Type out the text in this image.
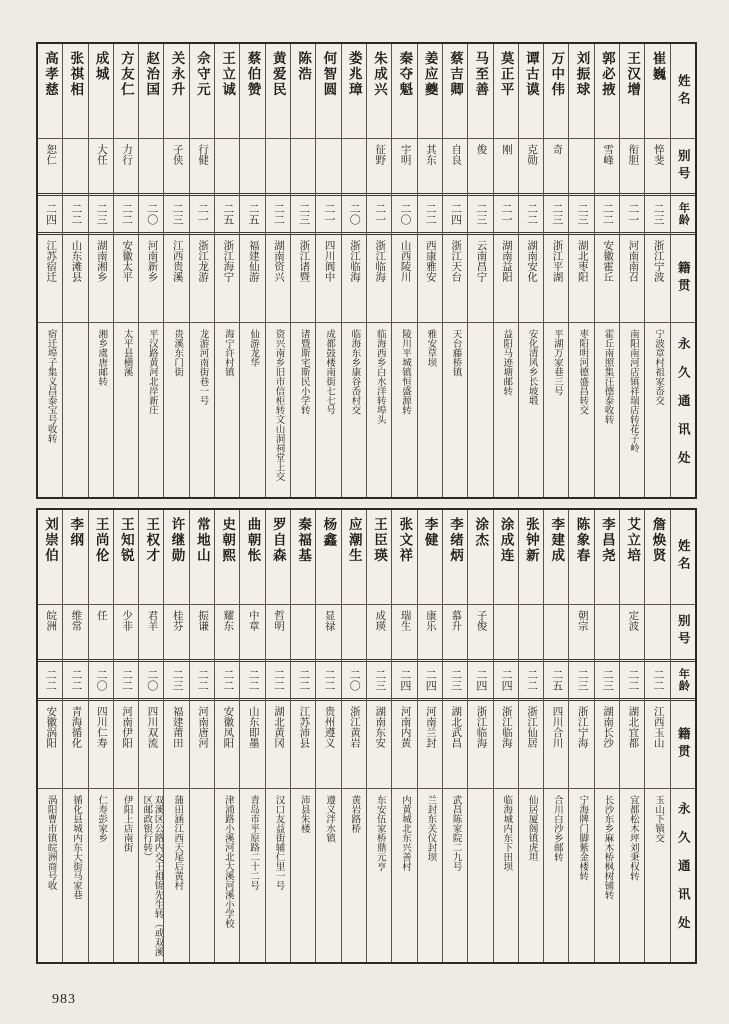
姓名
别号
年龄
籍贯
永久通讯处
崔巍
悴斐
二三
浙江宁波
宁波章村祖家岙交
王汉增
衔胆
二一
河南南召
南阳南河店镇祥瑞店转花子岭
郭必掖
雪峰
二二
安徽霍丘
霍丘南照集汪德泰收转
刘振球
二三
湖北枣阳
枣阳明河德盛昌转交
万中伟
奇
二三
浙江平湖
平湖万家巷三号
谭古谟
克勋
二二
湖南安化
安化清风乡长坡塅
莫正平
刚
二一
湖南益阳
益阳马迹塘邮转
马至善
俊
二三
云南昌宁
蔡吉卿
自良
二四
浙江天台
天台藤桥镇
姜应夔
其东
二二
西康雅安
雅安草坝
秦夺魁
宇明
二〇
山西陵川
陵川平城镇恒盛源转
朱成兴
征野
二一
浙江临海
临海西乡白水洋转埠头
娄兆璋
二〇
浙江临海
临海东乡康谷岙村交
何智圆
二一
四川阆中
成都鼓楼南街七七号
陈浩
二三
浙江诸暨
诸暨斯宅斯民小学转
黄爱民
二二
湖南资兴
资兴南乡旧市信柜转文山洞祠堂上交
蔡伯赞
二五
福建仙游
仙游龙华
王立诚
二五
浙江海宁
海宁许村镇
佘守元
行健
二一
浙江龙游
龙游河南街巷一号
关永升
子侠
二三
江西贵溪
贵溪东门街
赵治国
二〇
河南新乡
平汉路黄河北岸新庄
方友仁
力行
二二
安徽太平
太平县横溪
成城
大任
二三
湖南湘乡
湘乡虞唐邮转
张祺相
二二
山东滩县
高孝慈
恕仁
二四
江苏宿迁
宿迁埠子集义昌泰宝号收转
姓名
别号
年龄
籍贯
永久通讯处
詹焕贤
二二
江西玉山
玉山下镇交
艾立培
定波
二二
湖北宜都
宜都松木坪刘秉权转
李昌尧
二三
湖南长沙
长沙东乡麻木桥枫树铺转
陈象春
朝宗
二三
浙江宁海
宁海牌门脚紫金楼转
李建成
二五
四川合川
合川白沙乡邮转
张钟新
二二
浙江仙居
仙居厦阁镇虎坦
涂成连
二四
浙江临海
临海城内东下田坝
涂杰
子俊
二四
浙江临海
李绪炳
慕升
二三
湖北武昌
武昌陈家院二九号
李健
康乐
二四
河南兰封
兰封东关仪封坝
张文祥
瑞生
二四
河南内黄
内黄城北东兴善村
王臣瑛
成瑛
二三
湖南东安
东安伍家桥鼎元亨
应潮生
二〇
浙江黄岩
黄岩路桥
杨鑫
显禄
二二
贵州遵义
遵义泮水镇
秦福基
二二
江苏沛县
沛县朱楼
罗自森
哲明
二二
湖北黄冈
汉口友益街辅仁里一号
曲朝怅
中章
二二
山东即墨
青岛市平原路二十二号
史朝熙
耀东
二二
安徽凤阳
津浦路小溪河北大溪河溪小学校
常地山
振谦
二二
河南唐河
许继勋
桂芬
二三
福建莆田
蒲田涵江西天尾后黄村
王权才
君羊
二〇
四川双流
双溪区公路内交王祖锦先生转（或双溪区邮政银行转）
王知锐
少非
二二
河南伊阳
伊阳上店南街
王尚伦
任
二〇
四川仁寿
仁寿彭家乡
李纲
维常
二二
青海循化
循化县城内东大街马家巷
刘崇伯
皖洲
二二
安徽涡阳
涡阳曹市镇皖洲商号收
983
